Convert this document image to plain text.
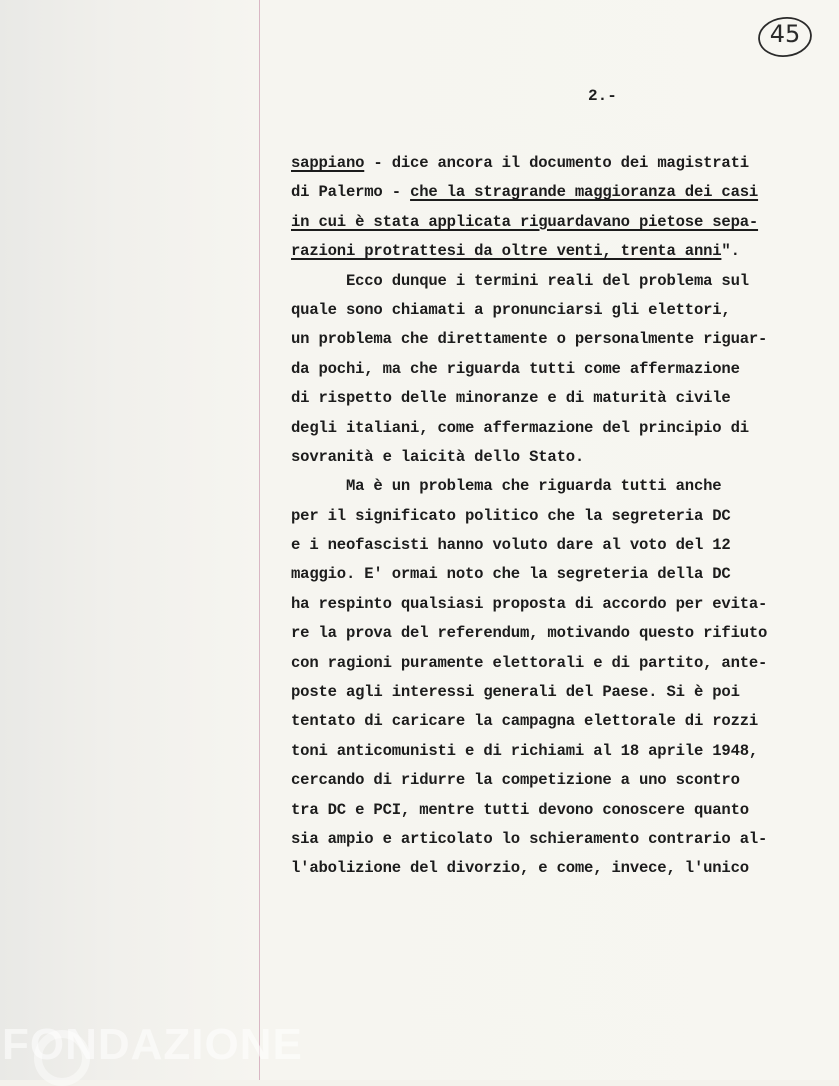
FONDAZIONE
45
2.-
sappiano - dice ancora il documento dei magistrati
di Palermo - che la stragrande maggioranza dei casi
in cui è stata applicata riguardavano pietose sepa-
razioni protrattesi da oltre venti, trenta anni".
Ecco dunque i termini reali del problema sul
quale sono chiamati a pronunciarsi gli elettori,
un problema che direttamente o personalmente riguar-
da pochi, ma che riguarda tutti come affermazione
di rispetto delle minoranze e di maturità civile
degli italiani, come affermazione del principio di
sovranità e laicità dello Stato.
Ma è un problema che riguarda tutti anche
per il significato politico che la segreteria DC
e i neofascisti hanno voluto dare al voto del 12
maggio. E' ormai noto che la segreteria della DC
ha respinto qualsiasi proposta di accordo per evita-
re la prova del referendum, motivando questo rifiuto
con ragioni puramente elettorali e di partito, ante-
poste agli interessi generali del Paese. Si è poi
tentato di caricare la campagna elettorale di rozzi
toni anticomunisti e di richiami al 18 aprile 1948,
cercando di ridurre la competizione a uno scontro
tra DC e PCI, mentre tutti devono conoscere quanto
sia ampio e articolato lo schieramento contrario al-
l'abolizione del divorzio, e come, invece, l'unico
